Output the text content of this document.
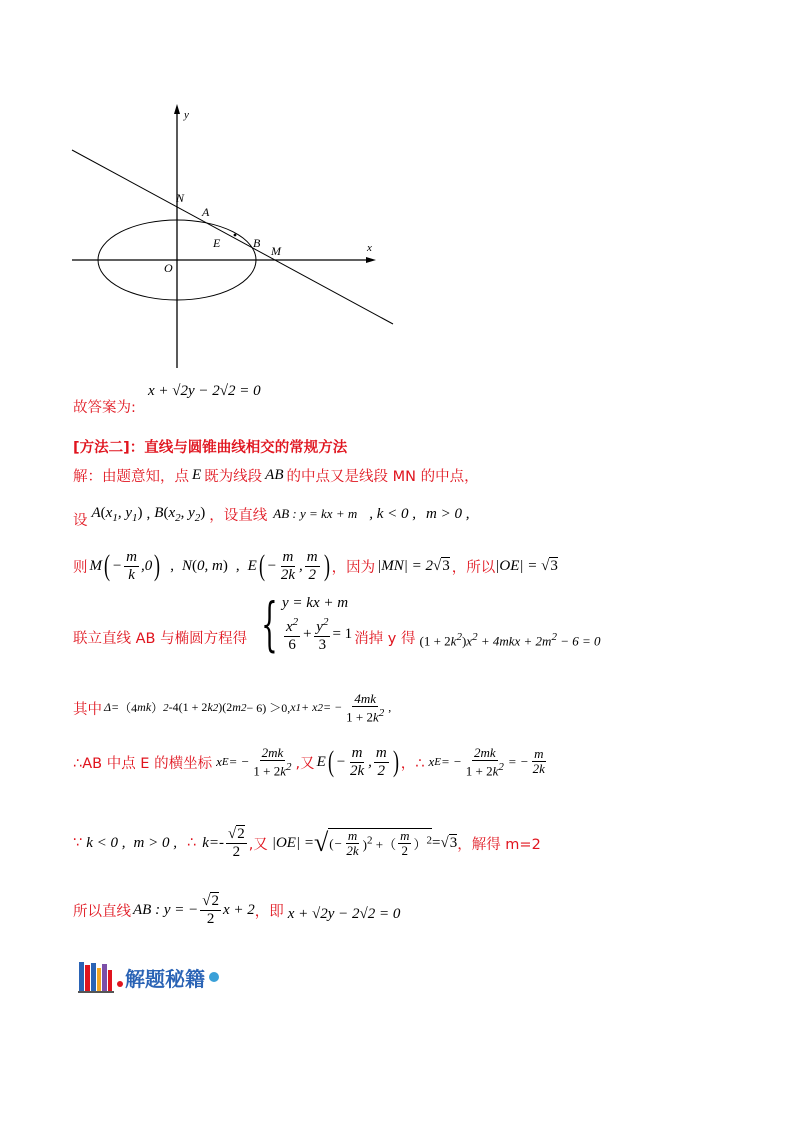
y
x
N
A
E	B
M
O
故答案为:
x + √2y − 2√2 = 0
[方法二]：直线与圆锥曲线相交的常规方法
解：由题意知，点 E 既为线段 AB 的中点又是线段 MN 的中点，
设 $A(x_1$, $y_1$) , $B(x_2$, $y_2$) ，设直线 AB : y = kx + m , k < 0 , m > 0 ,
则 M ( − $\frac{m}{k} ,0$ ) , N(0, m) , E ( − $\frac{m}{2k}$ , $\frac{m}{2}$ ) ，因为 |MN| = 2√3 ，所以 |OE| = √3
联立直线 AB 与椭圆方程得 { y = kx + m
$\frac{x^2}{6} + \frac{y^2}{3} = 1$ 消掉 y 得 $(1 + 2k^2)x^2 + 4mkx + 2m^2 - 6 = 0$
其中 Δ= （4 mk ） 2 -4(1 + 2 k 2 )(2 m 2 − 6) ＞0, x 1 + x 2 = − $\frac{4mk}{1 + 2k^2}$ ,
∴AB 中点 E 的横坐标 x E = − $\frac{2mk}{1 + 2k^2}$ ,又 E ( − $\frac{m}{2k}$ , $\frac{m}{2}$ ) ，∴ x E = − $\frac{2mk}{1 + 2k^2}$ = − $\frac{m}{2k}$
∵ k < 0 , m > 0 , ∴ $k=- \frac{√2}{2}$ ,又 |OE| = √ ( − $\frac{m}{2k} )^2$ +（ $\frac{m}{2} )^2$ =√ 3 ，解得 m=2
所以直线 AB : y = − $\frac{√2}{2}$ x + 2 ，即 x + √2y − 2√2 = 0
解题秘籍
